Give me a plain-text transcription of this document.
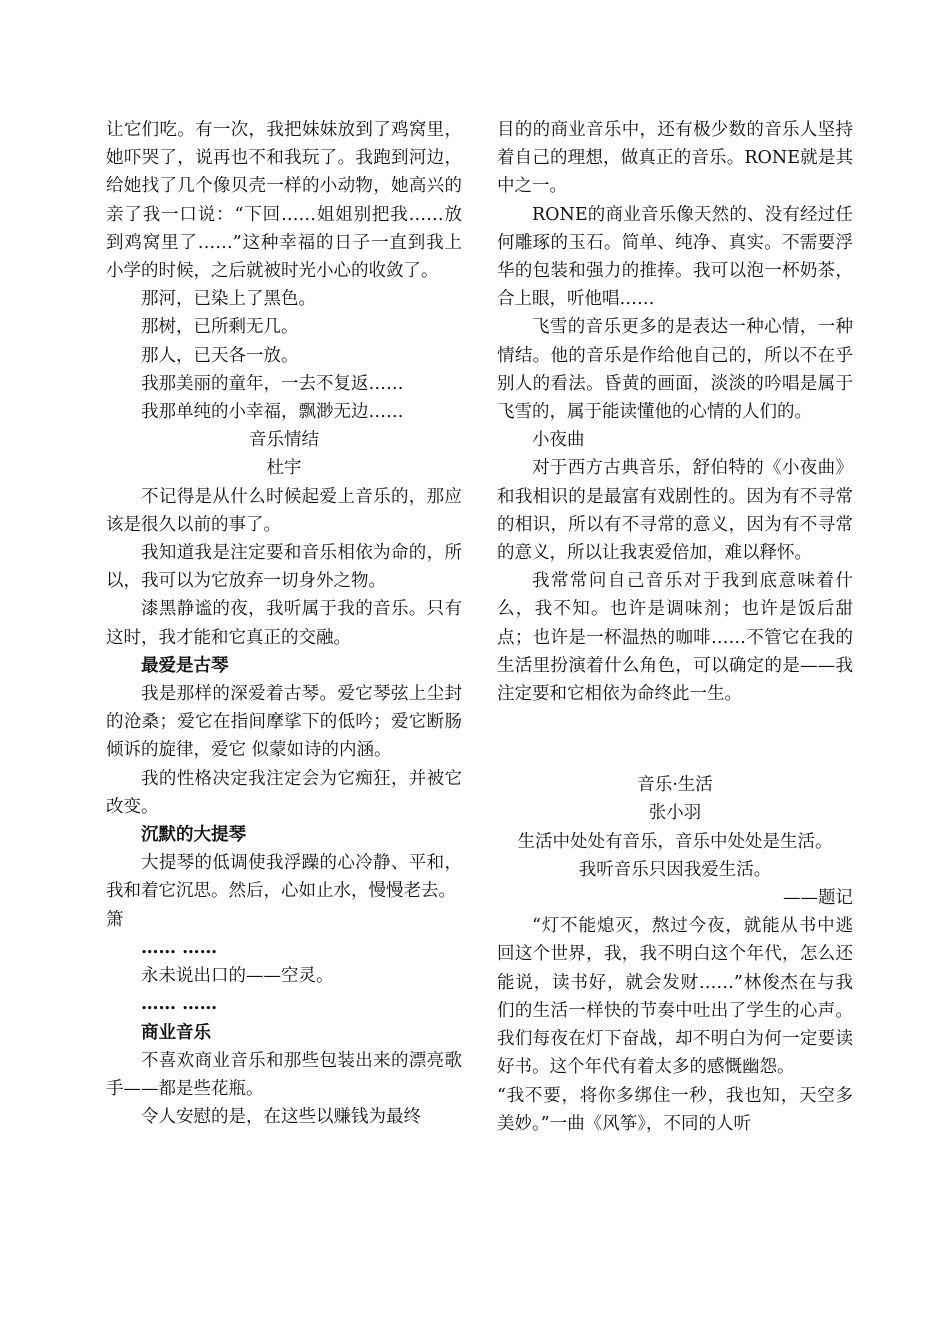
让它们吃。有一次，我把妹妹放到了鸡窝里，她吓哭了，说再也不和我玩了。我跑到河边，给她找了几个像贝壳一样的小动物，她高兴的亲了我一口说：“下回……姐姐别把我……放到鸡窝里了……”这种幸福的日子一直到我上小学的时候，之后就被时光小心的收敛了。

那河，已染上了黑色。

那树，已所剩无几。

那人，已天各一放。

我那美丽的童年，一去不复返……

我那单纯的小幸福，飘渺无边……

音乐情结

杜宇

不记得是从什么时候起爱上音乐的，那应该是很久以前的事了。

我知道我是注定要和音乐相依为命的，所以，我可以为它放弃一切身外之物。

漆黑静谧的夜，我听属于我的音乐。只有这时，我才能和它真正的交融。

最爱是古琴

我是那样的深爱着古琴。爱它琴弦上尘封的沧桑；爱它在指间摩挲下的低吟；爱它断肠倾诉的旋律，爱它 似蒙如诗的内涵。

我的性格决定我注定会为它痴狂，并被它改变。

沉默的大提琴

大提琴的低调使我浮躁的心冷静、平和，我和着它沉思。然后，心如止水，慢慢老去。

箫

…… ……

永未说出口的——空灵。

…… ……

商业音乐

不喜欢商业音乐和那些包装出来的漂亮歌手——都是些花瓶。

令人安慰的是，在这些以赚钱为最终

目的的商业音乐中，还有极少数的音乐人坚持着自己的理想，做真正的音乐。RONE就是其中之一。

RONE的商业音乐像天然的、没有经过任何雕琢的玉石。简单、纯净、真实。不需要浮华的包装和强力的推捧。我可以泡一杯奶茶，合上眼，听他唱……

飞雪的音乐更多的是表达一种心情，一种情结。他的音乐是作给他自己的，所以不在乎别人的看法。昏黄的画面，淡淡的吟唱是属于飞雪的，属于能读懂他的心情的人们的。

小夜曲

对于西方古典音乐，舒伯特的《小夜曲》和我相识的是最富有戏剧性的。因为有不寻常的相识，所以有不寻常的意义，因为有不寻常的意义，所以让我衷爱倍加，难以释怀。

我常常问自己音乐对于我到底意味着什么，我不知。也许是调味剂；也许是饭后甜点；也许是一杯温热的咖啡……不管它在我的生活里扮演着什么角色，可以确定的是——我注定要和它相依为命终此一生。

音乐·生活

张小羽

生活中处处有音乐，音乐中处处是生活。

我听音乐只因我爱生活。

——题记

“灯不能熄灭，熬过今夜，就能从书中逃回这个世界，我，我不明白这个年代，怎么还能说，读书好，就会发财……”林俊杰在与我们的生活一样快的节奏中吐出了学生的心声。我们每夜在灯下奋战，却不明白为何一定要读好书。这个年代有着太多的感慨幽怨。

“我不要，将你多绑住一秒，我也知，天空多美妙。”一曲《风筝》，不同的人听
